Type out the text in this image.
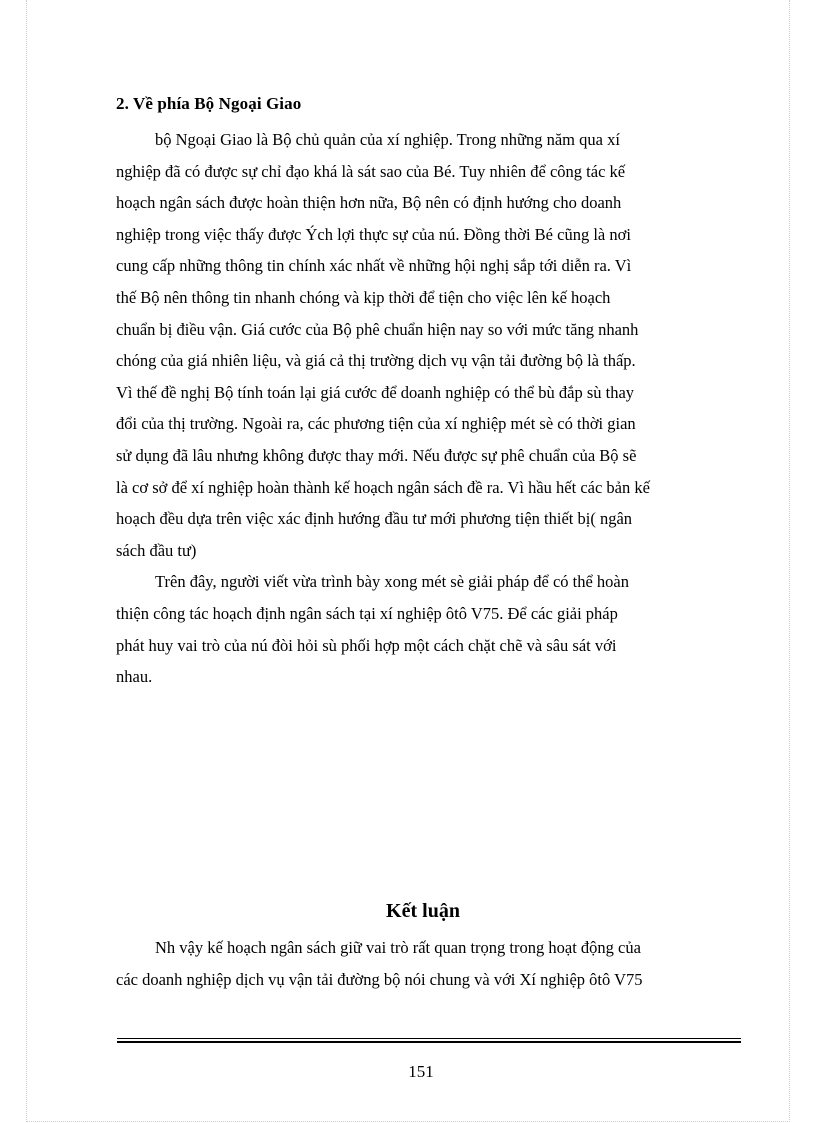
2. Về phía Bộ Ngoại Giao
bộ Ngoại Giao là Bộ chủ quản của xí nghiệp. Trong những năm qua xí
nghiệp đã có được sự chỉ đạo khá là sát sao của Bé. Tuy nhiên để công tác kế
hoạch ngân sách được hoàn thiện hơn nữa, Bộ nên có định hướng cho doanh
nghiệp trong việc thấy được Ých lợi thực sự của nú. Đồng thời Bé cũng là nơi
cung cấp những thông tin chính xác nhất về những hội nghị sắp tới diễn ra. Vì
thế Bộ nên thông tin nhanh chóng và kịp thời để tiện cho việc lên kế hoạch
chuẩn bị điều vận. Giá cước của Bộ phê chuẩn hiện nay so với mức tăng nhanh
chóng của giá nhiên liệu, và giá cả thị trường dịch vụ vận tải đường bộ là thấp.
Vì thế đề nghị Bộ tính toán lại giá cước để doanh nghiệp có thể bù đắp sù thay
đổi của thị trường. Ngoài ra, các phương tiện của xí nghiệp mét sè có thời gian
sử dụng đã lâu nhưng không được thay mới. Nếu được sự phê chuẩn của Bộ sẽ
là cơ sở để xí nghiệp hoàn thành kế hoạch ngân sách đề ra. Vì hầu hết các bản kế
hoạch đều dựa trên việc xác định hướng đầu tư mới phương tiện thiết bị( ngân
sách đầu tư)
Trên đây, người viết vừa trình bày xong mét sè giải pháp để có thể hoàn
thiện công tác hoạch định ngân sách tại xí nghiệp ôtô V75. Để các giải pháp
phát huy vai trò của nú đòi hỏi sù phối hợp một cách chặt chẽ và sâu sát với
nhau.
Kết luận
Nh vậy kế hoạch ngân sách giữ vai trò rất quan trọng trong hoạt động của
các doanh nghiệp dịch vụ vận tải đường bộ nói chung và với Xí nghiệp ôtô V75
151
